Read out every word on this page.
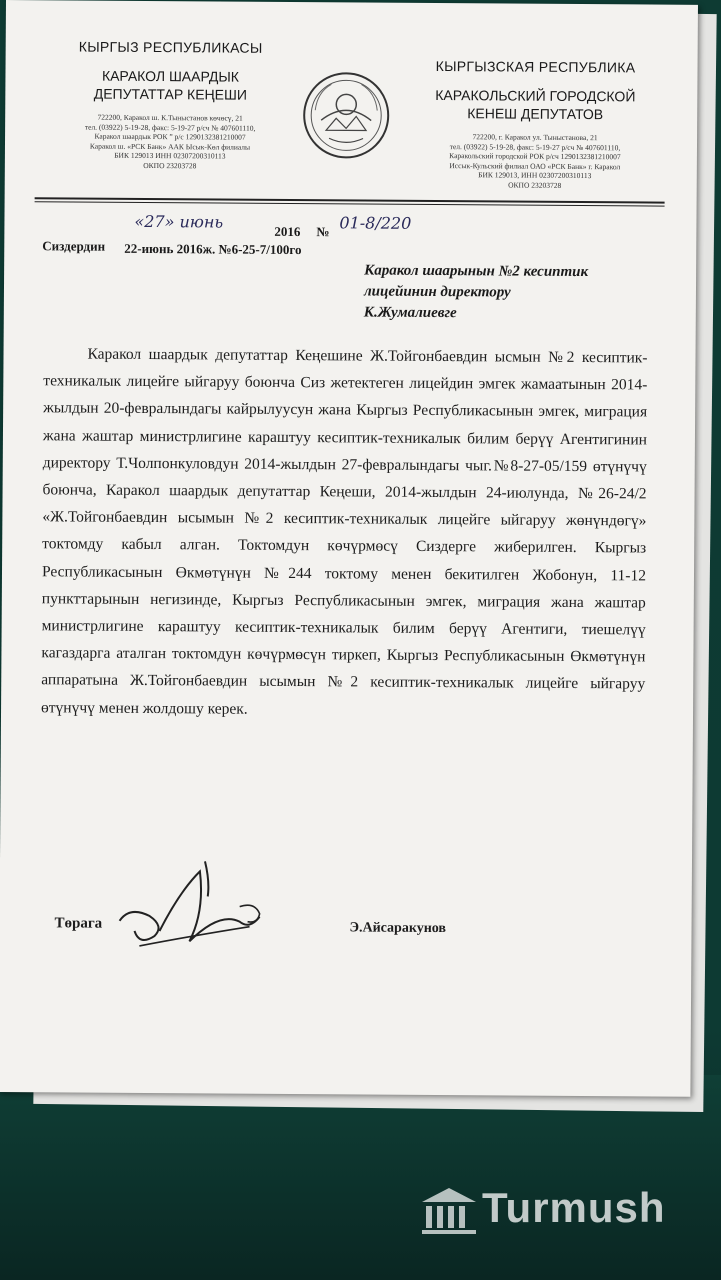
КЫРГЫЗ РЕСПУБЛИКАСЫ
КАРАКОЛ ШААРДЫК
ДЕПУТАТТАР КЕҢЕШИ
722200, Каракол ш. К.Тыныстанов көчөсү, 21
тел. (03922) 5-19-28, факс: 5-19-27 р/сч № 407601110,
Каракол шаардык РОК ” р/с 1290132381210007
Каракол ш. «РСК Банк» ААК Ысык-Көл филиалы
БИК 129013 ИНН 02307200310113
ОКПО 23203728
КЫРГЫЗСКАЯ РЕСПУБЛИКА
КАРАКОЛЬСКИЙ ГОРОДСКОЙ
КЕНЕШ ДЕПУТАТОВ
722200, г. Каракол ул. Тыныстанова, 21
тел. (03922) 5-19-28, факс: 5-19-27 р/сч № 407601110,
Каракольский городской РОК р/сч 1290132381210007
Иссык-Кульский филиал ОАО «РСК Банк» г. Каракол
БИК 129013, ИНН 02307200310113
ОКПО 23203728
«27» июнь	2016 № 01-8/220
Сиздердин 22-июнь 2016ж. №6-25-7/100го
Каракол шаарынын №2 кесиптик
лицейинин директору
К.Жумалиевге
Каракол шаардык депутаттар Кеңешине Ж.Тойгонбаевдин ысмын №2 кесиптик-техникалык лицейге ыйгаруу боюнча Сиз жетектеген лицейдин эмгек жамаатынын 2014-жылдын 20-февралындагы кайрылуусун жана Кыргыз Республикасынын эмгек, миграция жана жаштар министрлигине караштуу кесиптик-техникалык билим берүү Агентигинин директору Т.Чолпонкуловдун 2014-жылдын 27-февралындагы чыг.№8-27-05/159 өтүнүчү боюнча, Каракол шаардык депутаттар Кеңеши, 2014-жылдын 24-июлунда, №26-24/2 «Ж.Тойгонбаевдин ысымын №2 кесиптик-техникалык лицейге ыйгаруу жөнүндөгү» токтомду кабыл алган. Токтомдун көчүрмөсү Сиздерге жиберилген. Кыргыз Республикасынын Өкмөтүнүн №244 токтому менен бекитилген Жобонун, 11-12 пункттарынын негизинде, Кыргыз Республикасынын эмгек, миграция жана жаштар министрлигине караштуу кесиптик-техникалык билим берүү Агентиги, тиешелүү кагаздарга аталган токтомдун көчүрмөсүн тиркеп, Кыргыз Республикасынын Өкмөтүнүн аппаратына Ж.Тойгонбаевдин ысымын №2 кесиптик-техникалык лицейге ыйгаруу өтүнүчү менен жолдошу керек.
Төрага	Э.Айсаракунов
Turmush
